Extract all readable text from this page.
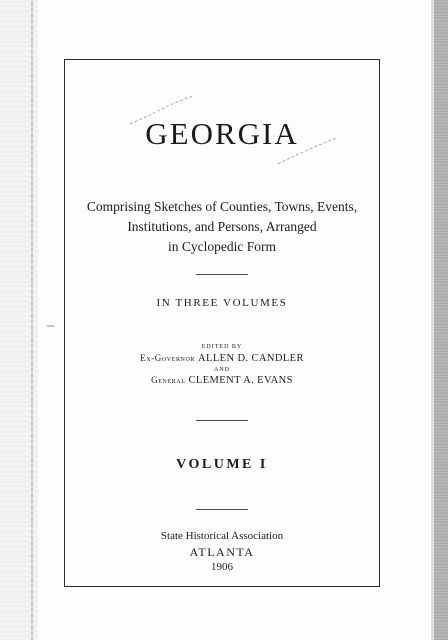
GEORGIA
Comprising Sketches of Counties, Towns, Events,
Institutions, and Persons, Arranged
in Cyclopedic Form
IN THREE VOLUMES
EDITED BY
Ex-Governor ALLEN D. CANDLER
AND
General CLEMENT A. EVANS
VOLUME I
State Historical Association
ATLANTA
1906
